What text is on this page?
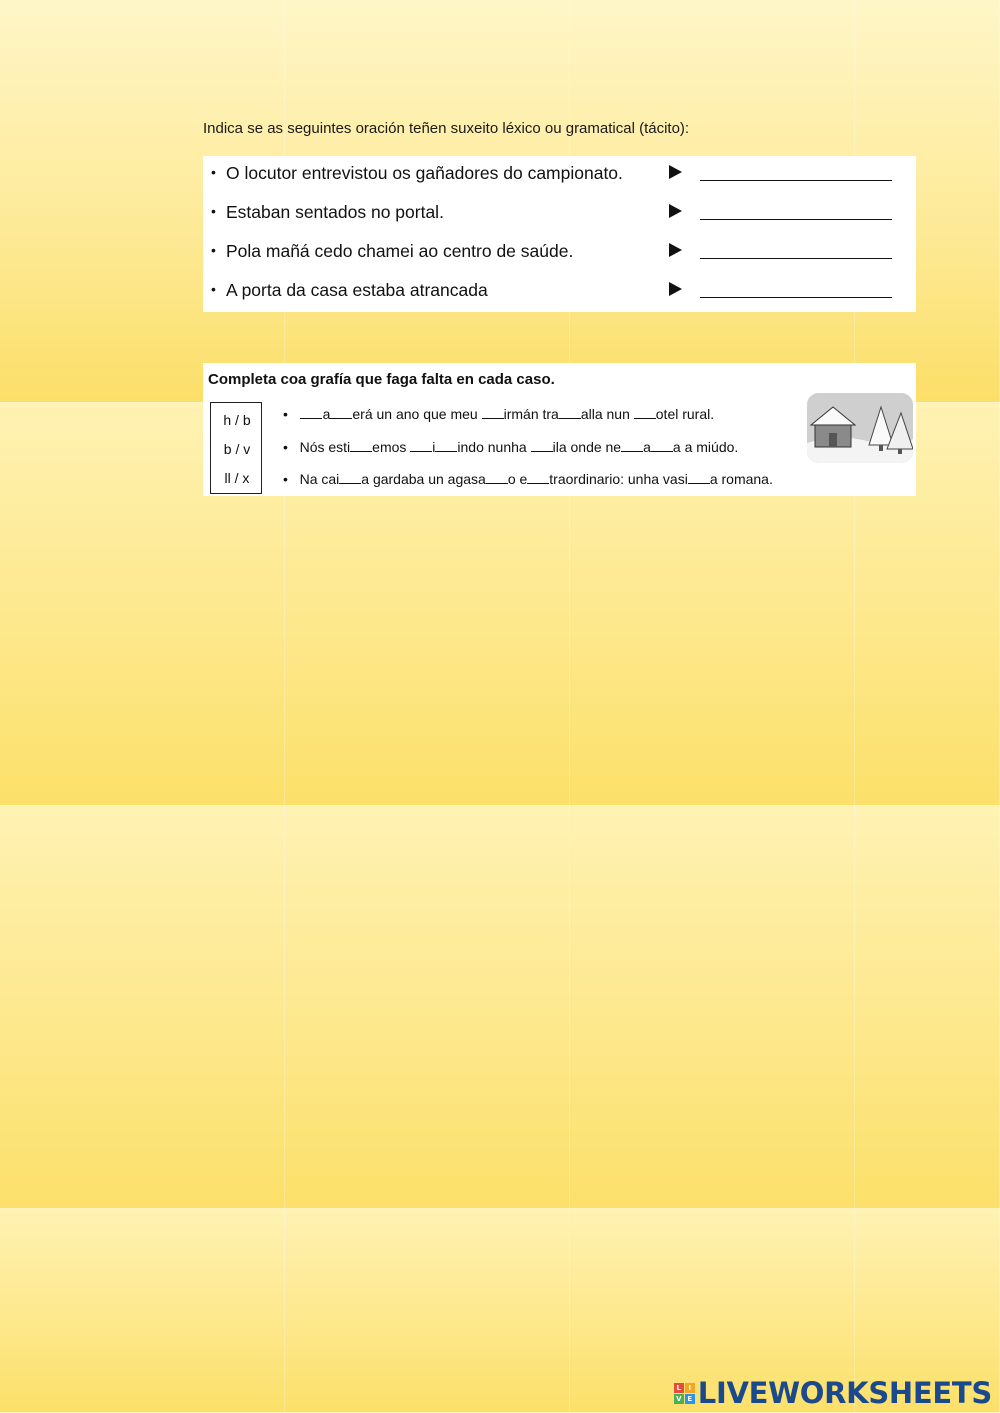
Indica se as seguintes oración teñen suxeito léxico ou gramatical (tácito):
• O locutor entrevistou os gañadores do campionato.
• Estaban sentados no portal.
• Pola mañá cedo chamei ao centro de saúde.
• A porta da casa estaba atrancada
Completa coa grafía que faga falta en cada caso.
h / b
b / v
ll / x
• a erá un ano que meu irmán tra alla nun otel rural.
• Nós esti emos i indo nunha ila onde ne a a a miúdo.
• Na cai a gardaba un agasa o e traordinario: unha vasi a romana.
L	I
V E LIVEWORKSHEETS
